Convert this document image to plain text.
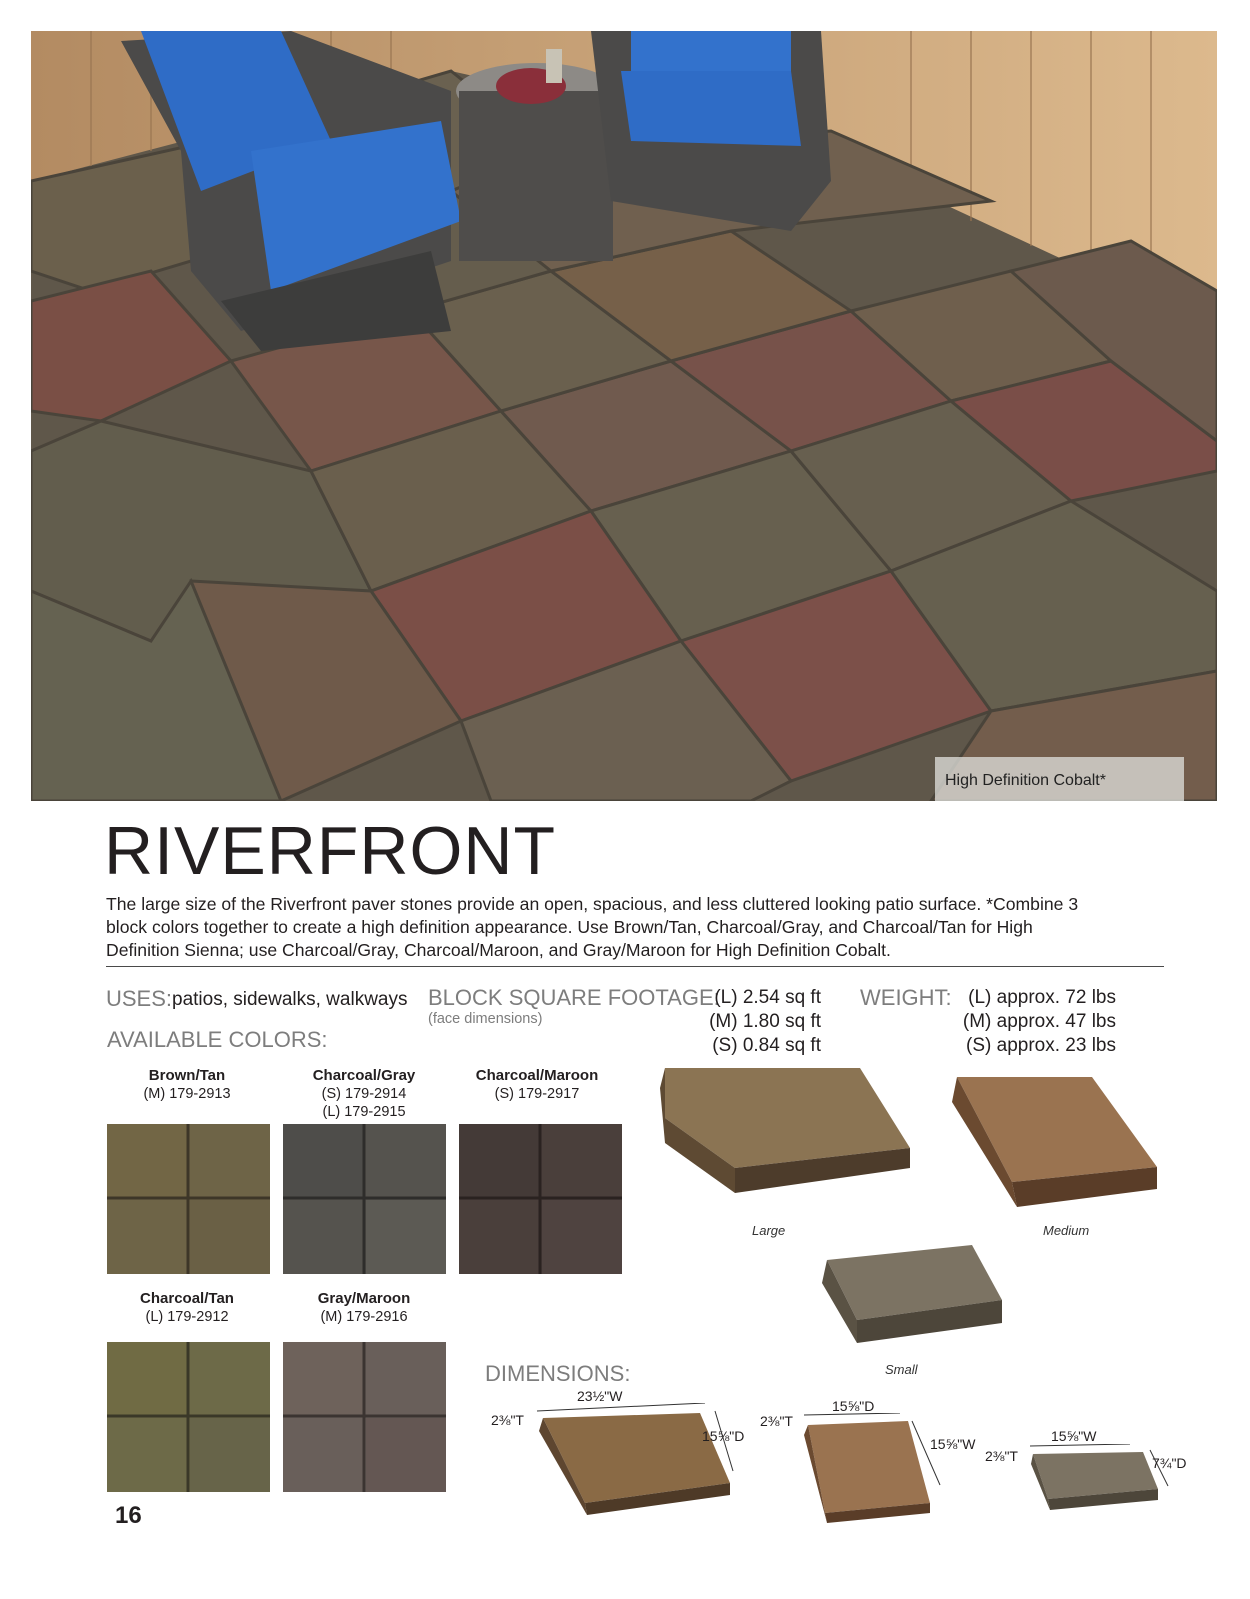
High Definition Cobalt*
RIVERFRONT
The large size of the Riverfront paver stones provide an open, spacious, and less cluttered looking patio surface. *Combine 3
block colors together to create a high definition appearance. Use Brown/Tan, Charcoal/Gray, and Charcoal/Tan for High
Definition Sienna; use Charcoal/Gray, Charcoal/Maroon, and Gray/Maroon for High Definition Cobalt.
USES: patios, sidewalks, walkways BLOCK SQUARE FOOTAGE:
(face dimensions)
(L) 2.54 sq ft
(M) 1.80 sq ft
(S) 0.84 sq ft
WEIGHT: (L) approx. 72 lbs
(M) approx. 47 lbs
(S) approx. 23 lbs
AVAILABLE COLORS:
Brown/Tan
(M) 179-2913
Charcoal/Gray
(S) 179-2914
(L) 179-2915
Charcoal/Maroon
(S) 179-2917
Charcoal/Tan
(L) 179-2912
Gray/Maroon
(M) 179-2916
Large	Medium
Small
DIMENSIONS:
23½"W
2⅜"T
15⅝"D
15⅝"D
2⅜"T
15⅝"W	15⅝"W
2⅜"T	7¾"D
16
